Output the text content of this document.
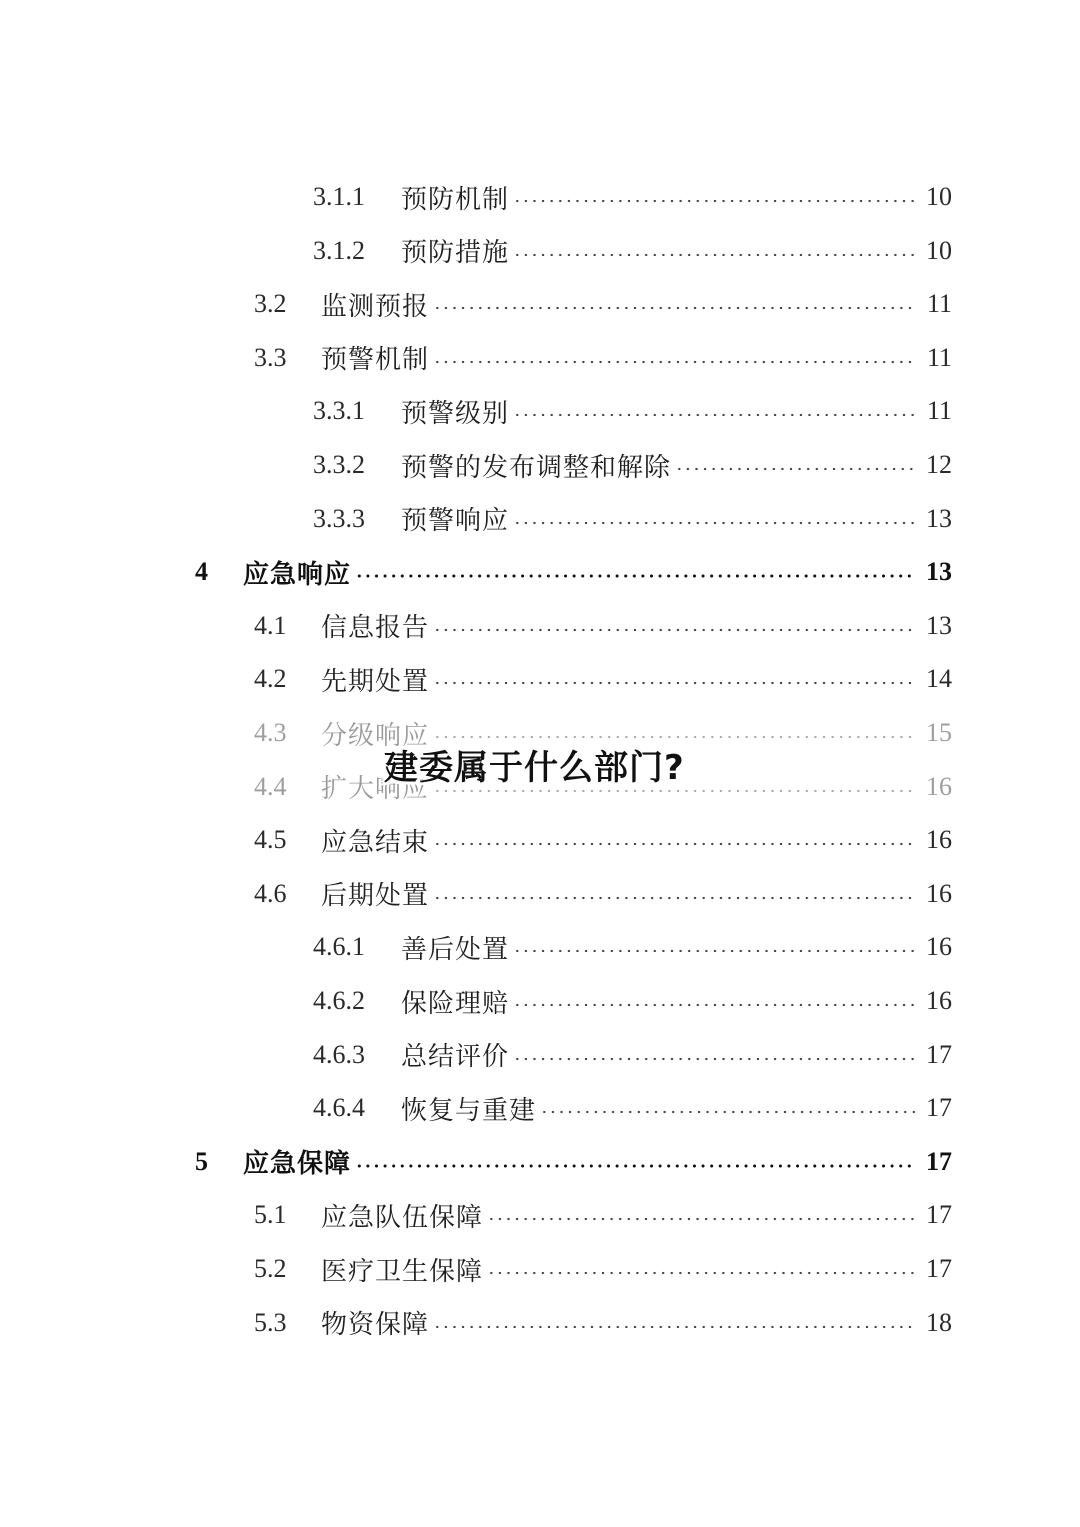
3.1.1 预防机制	10
3.1.2 预防措施	10
3.2 监测预报	11
3.3 预警机制	11
3.3.1 预警级别	11
3.3.2 预警的发布调整和解除	12
3.3.3 预警响应	13
4 应急响应	13
4.1 信息报告	13
4.2 先期处置	14
4.3 分级响应	15
4.4 扩大响应	16
4.5 应急结束	16
4.6 后期处置	16
4.6.1 善后处置	16
4.6.2 保险理赔	16
4.6.3 总结评价	17
4.6.4 恢复与重建	17
5 应急保障	17
5.1 应急队伍保障	17
5.2 医疗卫生保障	17
5.3 物资保障	18
建委属于什么部门?
